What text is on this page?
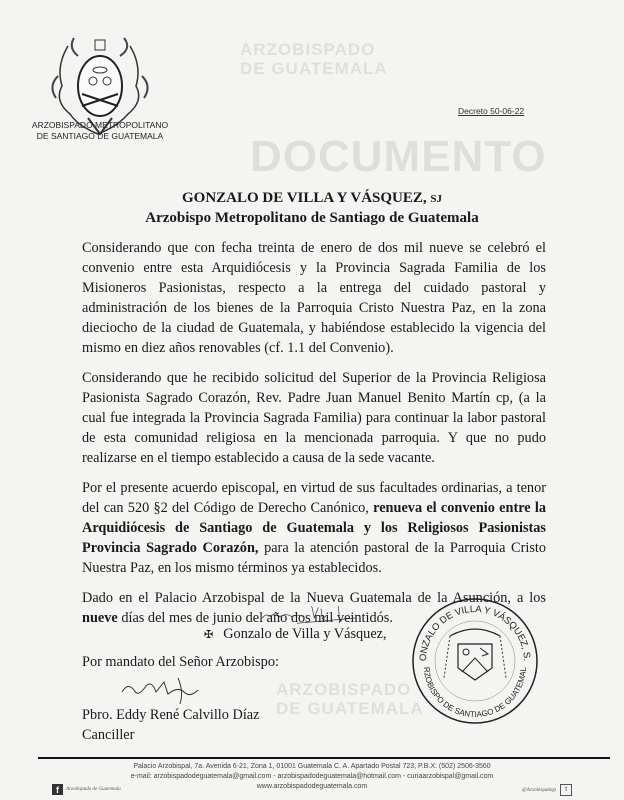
ARZOBISPADO METROPOLITANO
DE SANTIAGO DE GUATEMALA
Decreto 50-06-22
ARZOBISPADO
DE GUATEMALA
DOCUMENTO
GONZALO DE VILLA Y VÁSQUEZ, SJ
Arzobispo Metropolitano de Santiago de Guatemala

Considerando que con fecha treinta de enero de dos mil nueve se celebró el convenio entre esta Arquidiócesis y la Provincia Sagrada Familia de los Misioneros Pasionistas, respecto a la entrega del cuidado pastoral y administración de los bienes de la Parroquia Cristo Nuestra Paz, en la zona dieciocho de la ciudad de Guatemala, y habiéndose establecido la vigencia del mismo en diez años renovables (cf. 1.1 del Convenio).

Considerando que he recibido solicitud del Superior de la Provincia Religiosa Pasionista Sagrado Corazón, Rev. Padre Juan Manuel Benito Martín cp, (a la cual fue integrada la Provincia Sagrada Familia) para continuar la labor pastoral de esta comunidad religiosa en la mencionada parroquia. Y que no pudo realizarse en el tiempo establecido a causa de la sede vacante.

Por el presente acuerdo episcopal, en virtud de sus facultades ordinarias, a tenor del can 520 §2 del Código de Derecho Canónico, renueva el convenio entre la Arquidiócesis de Santiago de Guatemala y los Religiosos Pasionistas Provincia Sagrado Corazón, para la atención pastoral de la Parroquia Cristo Nuestra Paz, en los mismo términos ya establecidos.

Dado en el Palacio Arzobispal de la Nueva Guatemala de la Asunción, a los nueve días del mes de junio del año dos mil veintidós.

✠ Gonzalo de Villa y Vásquez,
ONZALO DE VILLA Y VÁSQUEZ, S.
RZOBISPO DE SANTIAGO DE GUATEMAL
Por mandato del Señor Arzobispo:
ARZOBISPADO
DE GUATEMALA
Pbro. Eddy René Calvillo Díaz
Canciller
Palacio Arzobispal, 7a. Avenida 6-21, Zona 1, 01001 Guatemala C. A. Apartado Postal 723, P.B.X: (502) 2506-3560
e-mail: arzobispadodeguatemala@gmail.com - arzobispadodeguatemala@hotmail.com - curiaarzobispal@gmail.com
www.arzobispadodeguatemala.com
f	Arzobispado de Guatemala	@Arzobispadogt	t
